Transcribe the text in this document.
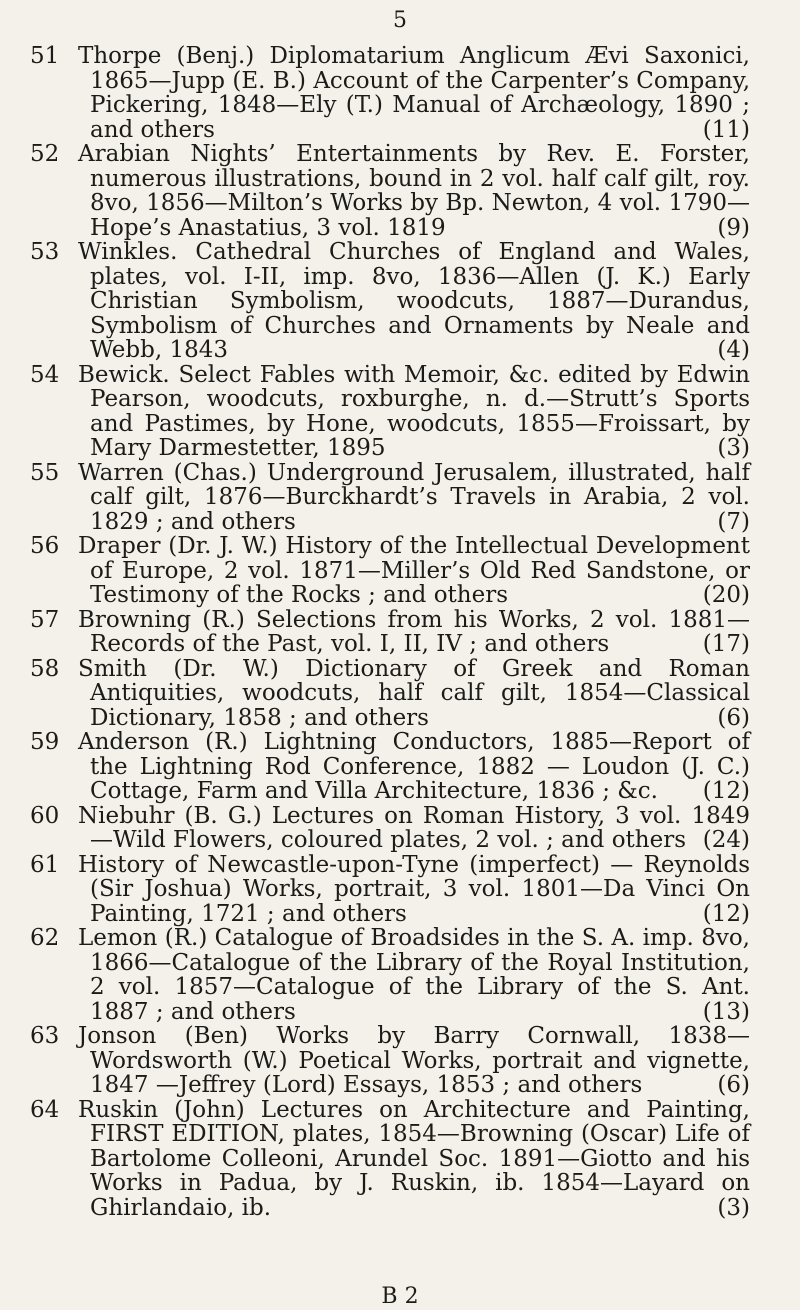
5
51 Thorpe (Benj.) Diplomatarium Anglicum Ævi Saxonici, 1865—Jupp (E. B.) Account of the Carpenter’s Company, Pickering, 1848—Ely (T.) Manual of Archæology, 1890 ; and others	(11)
52 Arabian Nights’ Entertainments by Rev. E. Forster, numerous illustrations, bound in 2 vol. half calf gilt, roy. 8vo, 1856—Milton’s Works by Bp. Newton, 4 vol. 1790—Hope’s Anastatius, 3 vol. 1819	(9)
53 Winkles. Cathedral Churches of England and Wales, plates, vol. I-II, imp. 8vo, 1836—Allen (J. K.) Early Christian Symbolism, woodcuts, 1887—Durandus, Symbolism of Churches and Ornaments by Neale and Webb, 1843	(4)
54 Bewick. Select Fables with Memoir, &c. edited by Edwin Pearson, woodcuts, roxburghe, n. d.—Strutt’s Sports and Pastimes, by Hone, woodcuts, 1855—Froissart, by Mary Darmestetter, 1895	(3)
55 Warren (Chas.) Underground Jerusalem, illustrated, half calf gilt, 1876—Burckhardt’s Travels in Arabia, 2 vol. 1829 ; and others	(7)
56 Draper (Dr. J. W.) History of the Intellectual Development of Europe, 2 vol. 1871—Miller’s Old Red Sandstone, or Testimony of the Rocks ; and others	(20)
57 Browning (R.) Selections from his Works, 2 vol. 1881—Records of the Past, vol. I, II, IV ; and others	(17)
58 Smith (Dr. W.) Dictionary of Greek and Roman Antiquities, woodcuts, half calf gilt, 1854—Classical Dictionary, 1858 ; and others	(6)
59 Anderson (R.) Lightning Conductors, 1885—Report of the Lightning Rod Conference, 1882 — Loudon (J. C.) Cottage, Farm and Villa Architecture, 1836 ; &c. (12)
60 Niebuhr (B. G.) Lectures on Roman History, 3 vol. 1849 —Wild Flowers, coloured plates, 2 vol. ; and others (24)
61 History of Newcastle-upon-Tyne (imperfect) — Reynolds (Sir Joshua) Works, portrait, 3 vol. 1801—Da Vinci On Painting, 1721 ; and others	(12)
62 Lemon (R.) Catalogue of Broadsides in the S. A. imp. 8vo, 1866—Catalogue of the Library of the Royal Institution, 2 vol. 1857—Catalogue of the Library of the S. Ant. 1887 ; and others	(13)
63 Jonson (Ben) Works by Barry Cornwall, 1838—Wordsworth (W.) Poetical Works, portrait and vignette, 1847 —Jeffrey (Lord) Essays, 1853 ; and others	(6)
64 Ruskin (John) Lectures on Architecture and Painting, FIRST EDITION, plates, 1854—Browning (Oscar) Life of Bartolome Colleoni, Arundel Soc. 1891—Giotto and his Works in Padua, by J. Ruskin, ib. 1854—Layard on Ghirlandaio, ib.	(3)
B 2
